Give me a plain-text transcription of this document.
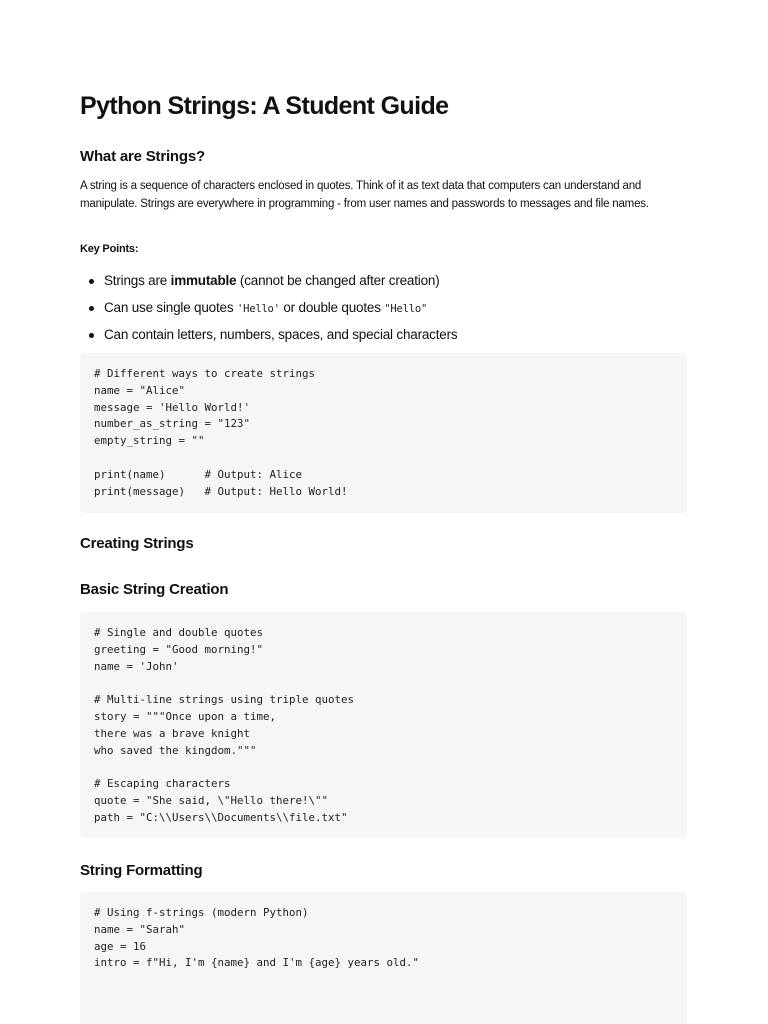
Python Strings: A Student Guide
What are Strings?

A string is a sequence of characters enclosed in quotes. Think of it as text data that computers can understand and manipulate. Strings are everywhere in programming - from user names and passwords to messages and file names.

Key Points:

Strings are immutable (cannot be changed after creation)
Can use single quotes 'Hello' or double quotes "Hello"
Can contain letters, numbers, spaces, and special characters
# Different ways to create strings
name = "Alice"
message = 'Hello World!'
number_as_string = "123"
empty_string = ""

print(name)      # Output: Alice
print(message)   # Output: Hello World!
Creating Strings
Basic String Creation
# Single and double quotes
greeting = "Good morning!"
name = 'John'

# Multi-line strings using triple quotes
story = """Once upon a time,
there was a brave knight
who saved the kingdom."""

# Escaping characters
quote = "She said, \"Hello there!\""
path = "C:\\Users\\Documents\\file.txt"
String Formatting
# Using f-strings (modern Python)
name = "Sarah"
age = 16
intro = f"Hi, I'm {name} and I'm {age} years old."
